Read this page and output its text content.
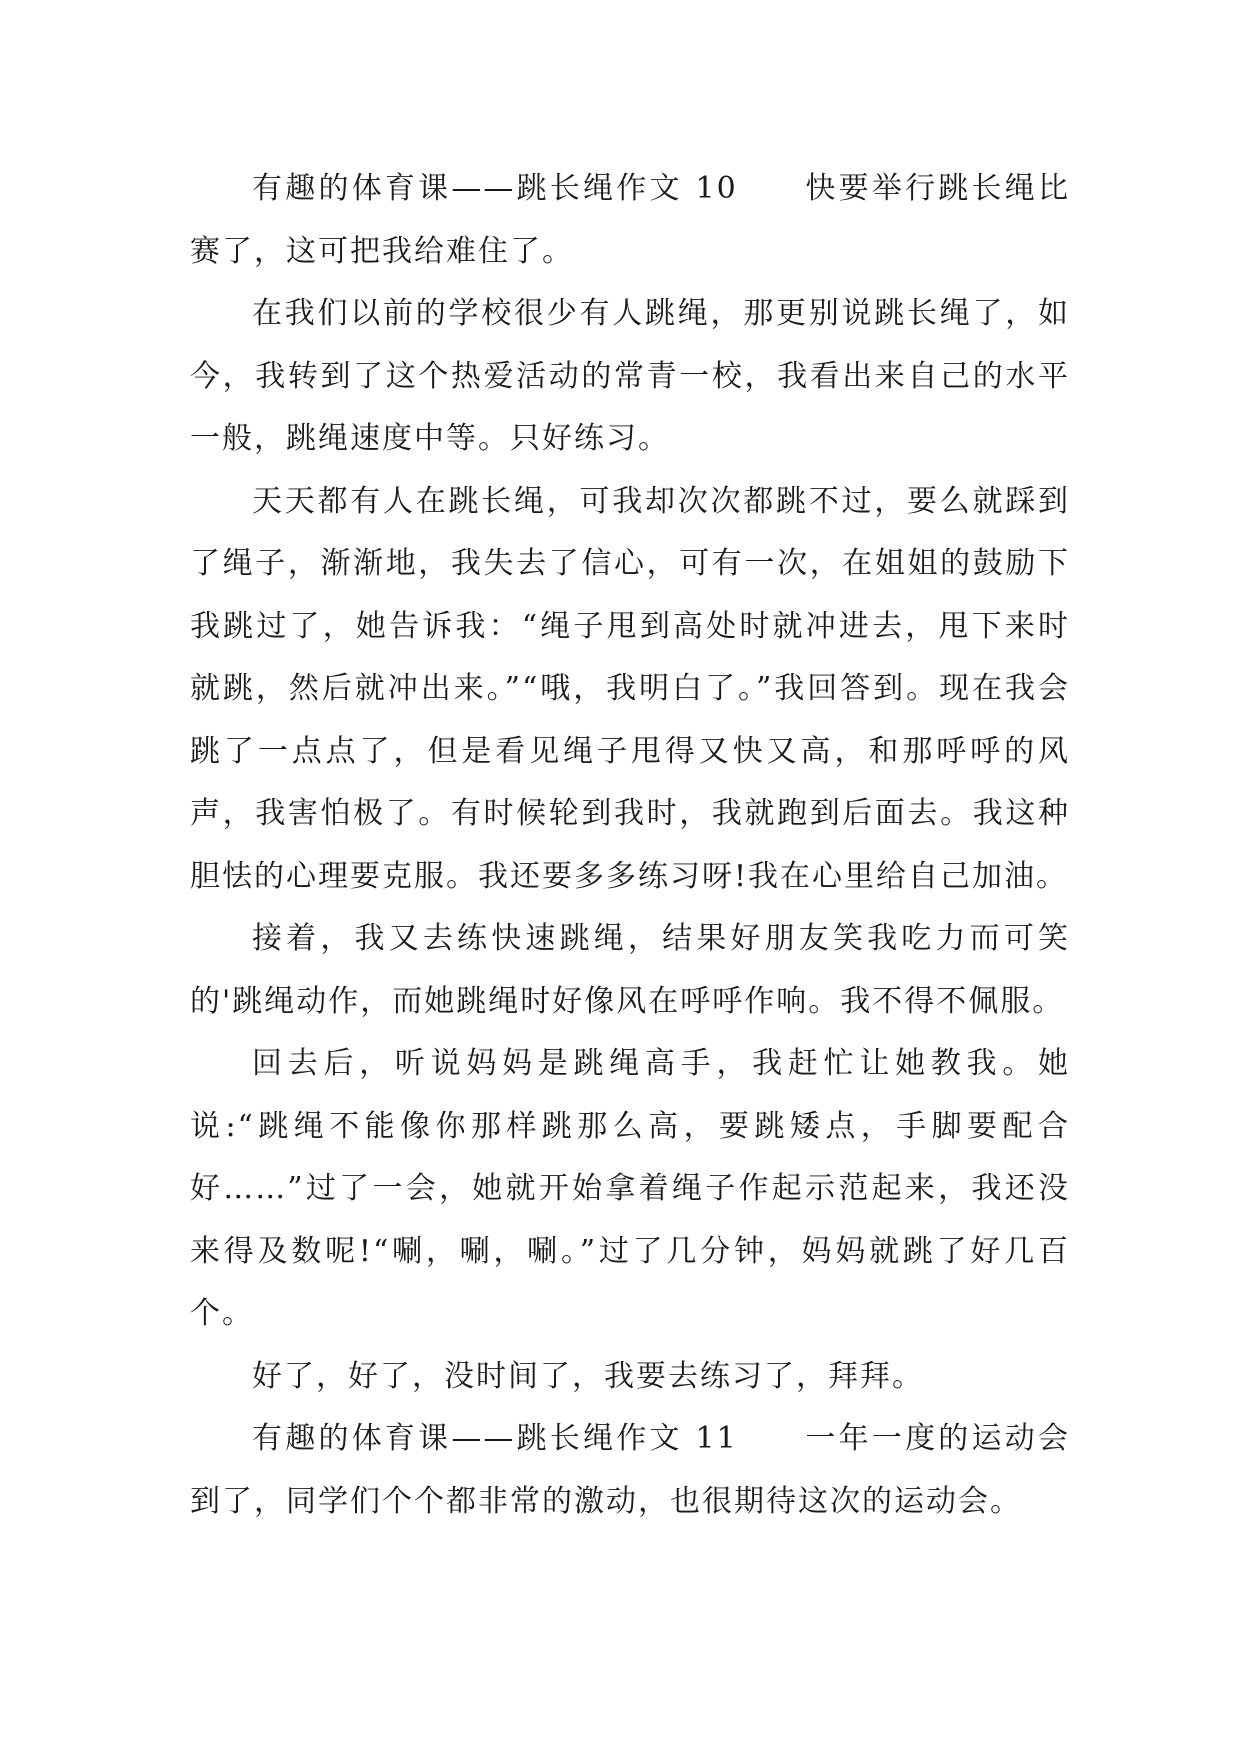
有趣的体育课——跳长绳作文 10　　快要举行跳长绳比赛了，这可把我给难住了。

在我们以前的学校很少有人跳绳，那更别说跳长绳了，如今，我转到了这个热爱活动的常青一校，我看出来自己的水平一般，跳绳速度中等。只好练习。

天天都有人在跳长绳，可我却次次都跳不过，要么就踩到了绳子，渐渐地，我失去了信心，可有一次，在姐姐的鼓励下我跳过了，她告诉我：“绳子甩到高处时就冲进去，甩下来时就跳，然后就冲出来。”“哦，我明白了。”我回答到。现在我会跳了一点点了，但是看见绳子甩得又快又高，和那呼呼的风声，我害怕极了。有时候轮到我时，我就跑到后面去。我这种胆怯的心理要克服。我还要多多练习呀!我在心里给自己加油。

接着，我又去练快速跳绳，结果好朋友笑我吃力而可笑的'跳绳动作，而她跳绳时好像风在呼呼作响。我不得不佩服。

回去后，听说妈妈是跳绳高手，我赶忙让她教我。她说:“跳绳不能像你那样跳那么高，要跳矮点，手脚要配合好……”过了一会，她就开始拿着绳子作起示范起来，我还没来得及数呢!“唰，唰，唰。”过了几分钟，妈妈就跳了好几百个。

好了，好了，没时间了，我要去练习了，拜拜。

有趣的体育课——跳长绳作文 11　　一年一度的运动会到了，同学们个个都非常的激动，也很期待这次的运动会。
